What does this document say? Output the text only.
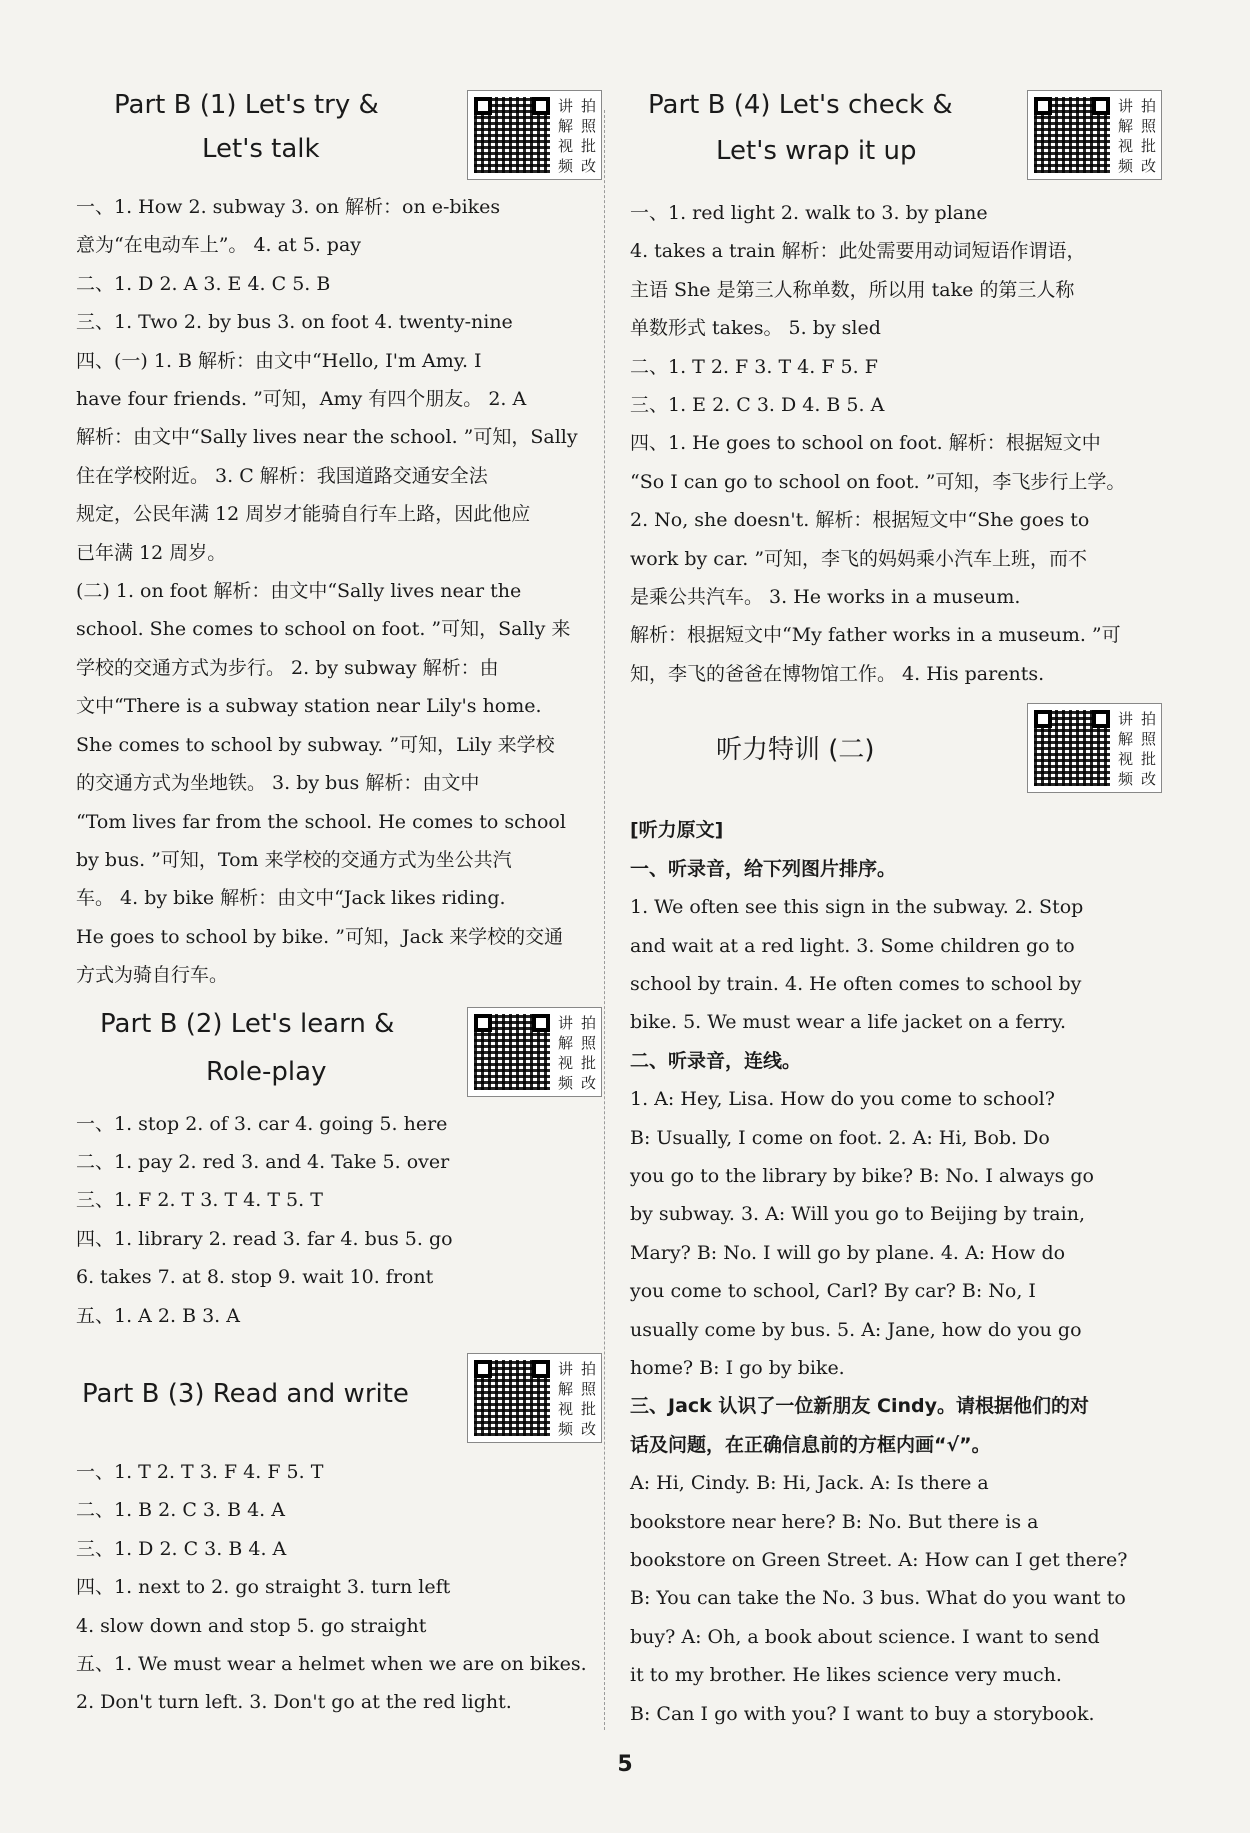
Part B (1) Let's try &
Let's talk
讲 拍
解 照
视 批
频 改

一、1. How 2. subway 3. on 解析：on e-bikes

意为“在电动车上”。 4. at 5. pay

二、1. D 2. A 3. E 4. C 5. B

三、1. Two 2. by bus 3. on foot 4. twenty-nine

四、(一) 1. B 解析：由文中“Hello, I'm Amy. I

have four friends. ”可知，Amy 有四个朋友。 2. A

解析：由文中“Sally lives near the school. ”可知，Sally

住在学校附近。 3. C 解析：我国道路交通安全法

规定，公民年满 12 周岁才能骑自行车上路，因此他应

已年满 12 周岁。

(二) 1. on foot 解析：由文中“Sally lives near the

school. She comes to school on foot. ”可知，Sally 来

学校的交通方式为步行。 2. by subway 解析：由

文中“There is a subway station near Lily's home.

She comes to school by subway. ”可知，Lily 来学校

的交通方式为坐地铁。 3. by bus 解析：由文中

“Tom lives far from the school. He comes to school

by bus. ”可知，Tom 来学校的交通方式为坐公共汽

车。 4. by bike 解析：由文中“Jack likes riding.

He goes to school by bike. ”可知，Jack 来学校的交通

方式为骑自行车。

Part B (2) Let's learn &
Role-play
讲 拍
解 照
视 批
频 改

一、1. stop 2. of 3. car 4. going 5. here

二、1. pay 2. red 3. and 4. Take 5. over

三、1. F 2. T 3. T 4. T 5. T

四、1. library 2. read 3. far 4. bus 5. go

6. takes 7. at 8. stop 9. wait 10. front

五、1. A 2. B 3. A

Part B (3) Read and write
讲 拍
解 照
视 批
频 改

一、1. T 2. T 3. F 4. F 5. T

二、1. B 2. C 3. B 4. A

三、1. D 2. C 3. B 4. A

四、1. next to 2. go straight 3. turn left

4. slow down and stop 5. go straight

五、1. We must wear a helmet when we are on bikes.

2. Don't turn left. 3. Don't go at the red light.

Part B (4) Let's check &
Let's wrap it up
讲 拍
解 照
视 批
频 改

一、1. red light 2. walk to 3. by plane

4. takes a train 解析：此处需要用动词短语作谓语，

主语 She 是第三人称单数，所以用 take 的第三人称

单数形式 takes。 5. by sled

二、1. T 2. F 3. T 4. F 5. F

三、1. E 2. C 3. D 4. B 5. A

四、1. He goes to school on foot. 解析：根据短文中

“So I can go to school on foot. ”可知，李飞步行上学。

2. No, she doesn't. 解析：根据短文中“She goes to

work by car. ”可知，李飞的妈妈乘小汽车上班，而不

是乘公共汽车。 3. He works in a museum.

解析：根据短文中“My father works in a museum. ”可

知，李飞的爸爸在博物馆工作。 4. His parents.

听力特训 (二)
讲 拍
解 照
视 批
频 改

[听力原文]

一、听录音，给下列图片排序。

1. We often see this sign in the subway. 2. Stop

and wait at a red light. 3. Some children go to

school by train. 4. He often comes to school by

bike. 5. We must wear a life jacket on a ferry.

二、听录音，连线。

1. A: Hey, Lisa. How do you come to school?

B: Usually, I come on foot. 2. A: Hi, Bob. Do

you go to the library by bike? B: No. I always go

by subway. 3. A: Will you go to Beijing by train,

Mary? B: No. I will go by plane. 4. A: How do

you come to school, Carl? By car? B: No, I

usually come by bus. 5. A: Jane, how do you go

home? B: I go by bike.

三、Jack 认识了一位新朋友 Cindy。请根据他们的对

话及问题，在正确信息前的方框内画“√”。

A: Hi, Cindy. B: Hi, Jack. A: Is there a

bookstore near here? B: No. But there is a

bookstore on Green Street. A: How can I get there?

B: You can take the No. 3 bus. What do you want to

buy? A: Oh, a book about science. I want to send

it to my brother. He likes science very much.

B: Can I go with you? I want to buy a storybook.

5
